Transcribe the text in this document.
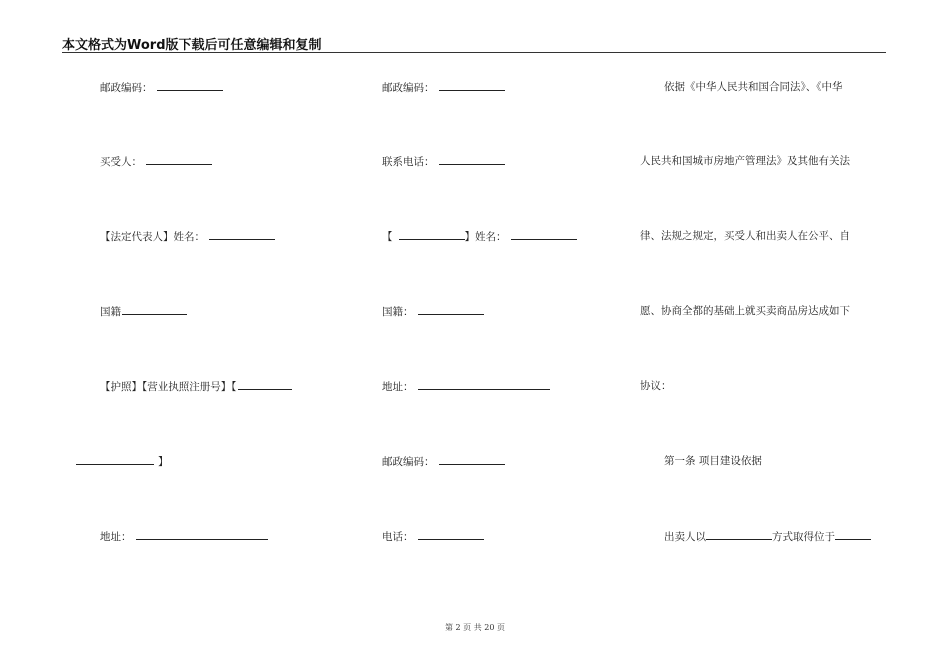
本文格式为Word版下载后可任意编辑和复制
邮政编码：
买受人：
【法定代表人】姓名：
国籍
【护照】【营业执照注册号】【
】
地址：
邮政编码：
联系电话：
【	】姓名：
国籍：
地址：
邮政编码：
电话：
依据《中华人民共和国合同法》、《中华
人民共和国城市房地产管理法》及其他有关法
律、法规之规定，买受人和出卖人在公平、自
愿、协商全都的基础上就买卖商品房达成如下
协议：
第一条 项目建设依据
出卖人以	方式取得位于
第 2 页 共 20 页
